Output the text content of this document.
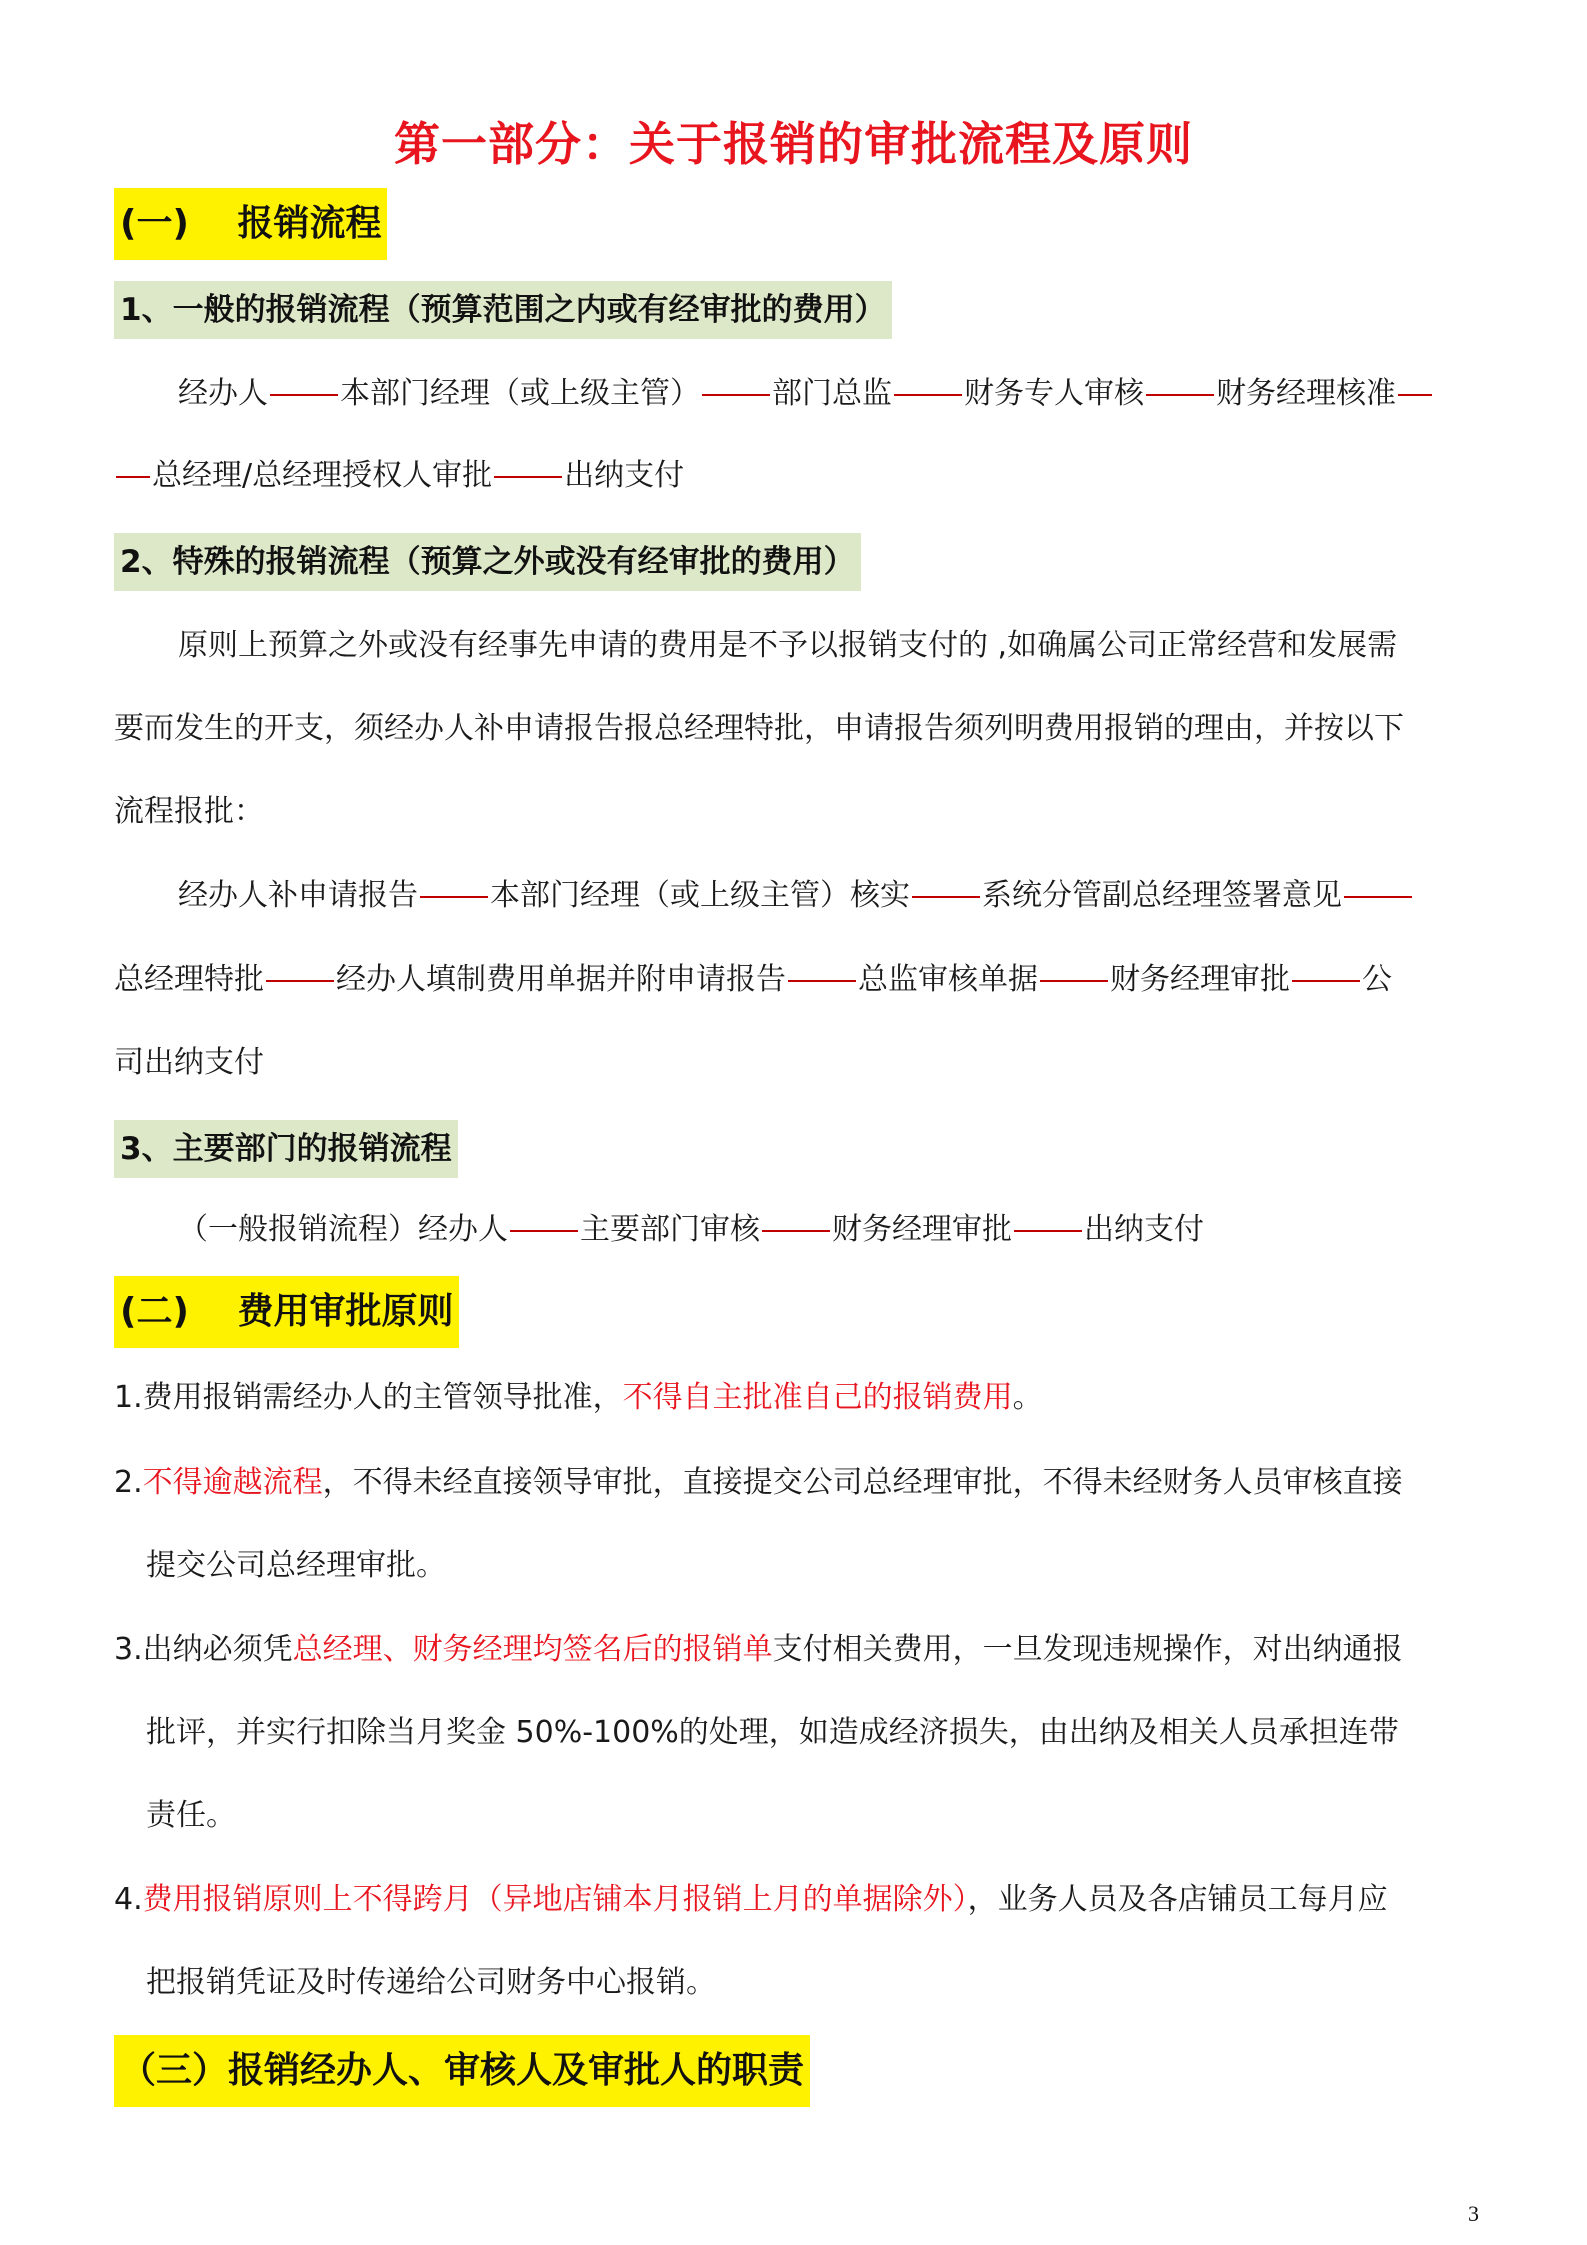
第一部分：关于报销的审批流程及原则
(一)　 报销流程
1、一般的报销流程（预算范围之内或有经审批的费用）
经办人 本部门经理（或上级主管） 部门总监 财务专人审核 财务经理核准
总经理/总经理授权人审批 出纳支付
2、特殊的报销流程（预算之外或没有经审批的费用）
原则上预算之外或没有经事先申请的费用是不予以报销支付的 ,如确属公司正常经营和发展需
要而发生的开支，须经办人补申请报告报总经理特批，申请报告须列明费用报销的理由，并按以下
流程报批：
经办人补申请报告 本部门经理（或上级主管）核实 系统分管副总经理签署意见
总经理特批 经办人填制费用单据并附申请报告 总监审核单据 财务经理审批 公
司出纳支付
3、主要部门的报销流程
（一般报销流程）经办人 主要部门审核 财务经理审批 出纳支付
(二)　 费用审批原则
1.费用报销需经办人的主管领导批准，不得自主批准自己的报销费用。
2.不得逾越流程，不得未经直接领导审批，直接提交公司总经理审批，不得未经财务人员审核直接
提交公司总经理审批。
3.出纳必须凭总经理、财务经理均签名后的报销单支付相关费用，一旦发现违规操作，对出纳通报
批评，并实行扣除当月奖金 50%-100%的处理，如造成经济损失，由出纳及相关人员承担连带
责任。
4.费用报销原则上不得跨月（异地店铺本月报销上月的单据除外），业务人员及各店铺员工每月应
把报销凭证及时传递给公司财务中心报销。
（三）报销经办人、审核人及审批人的职责
3
